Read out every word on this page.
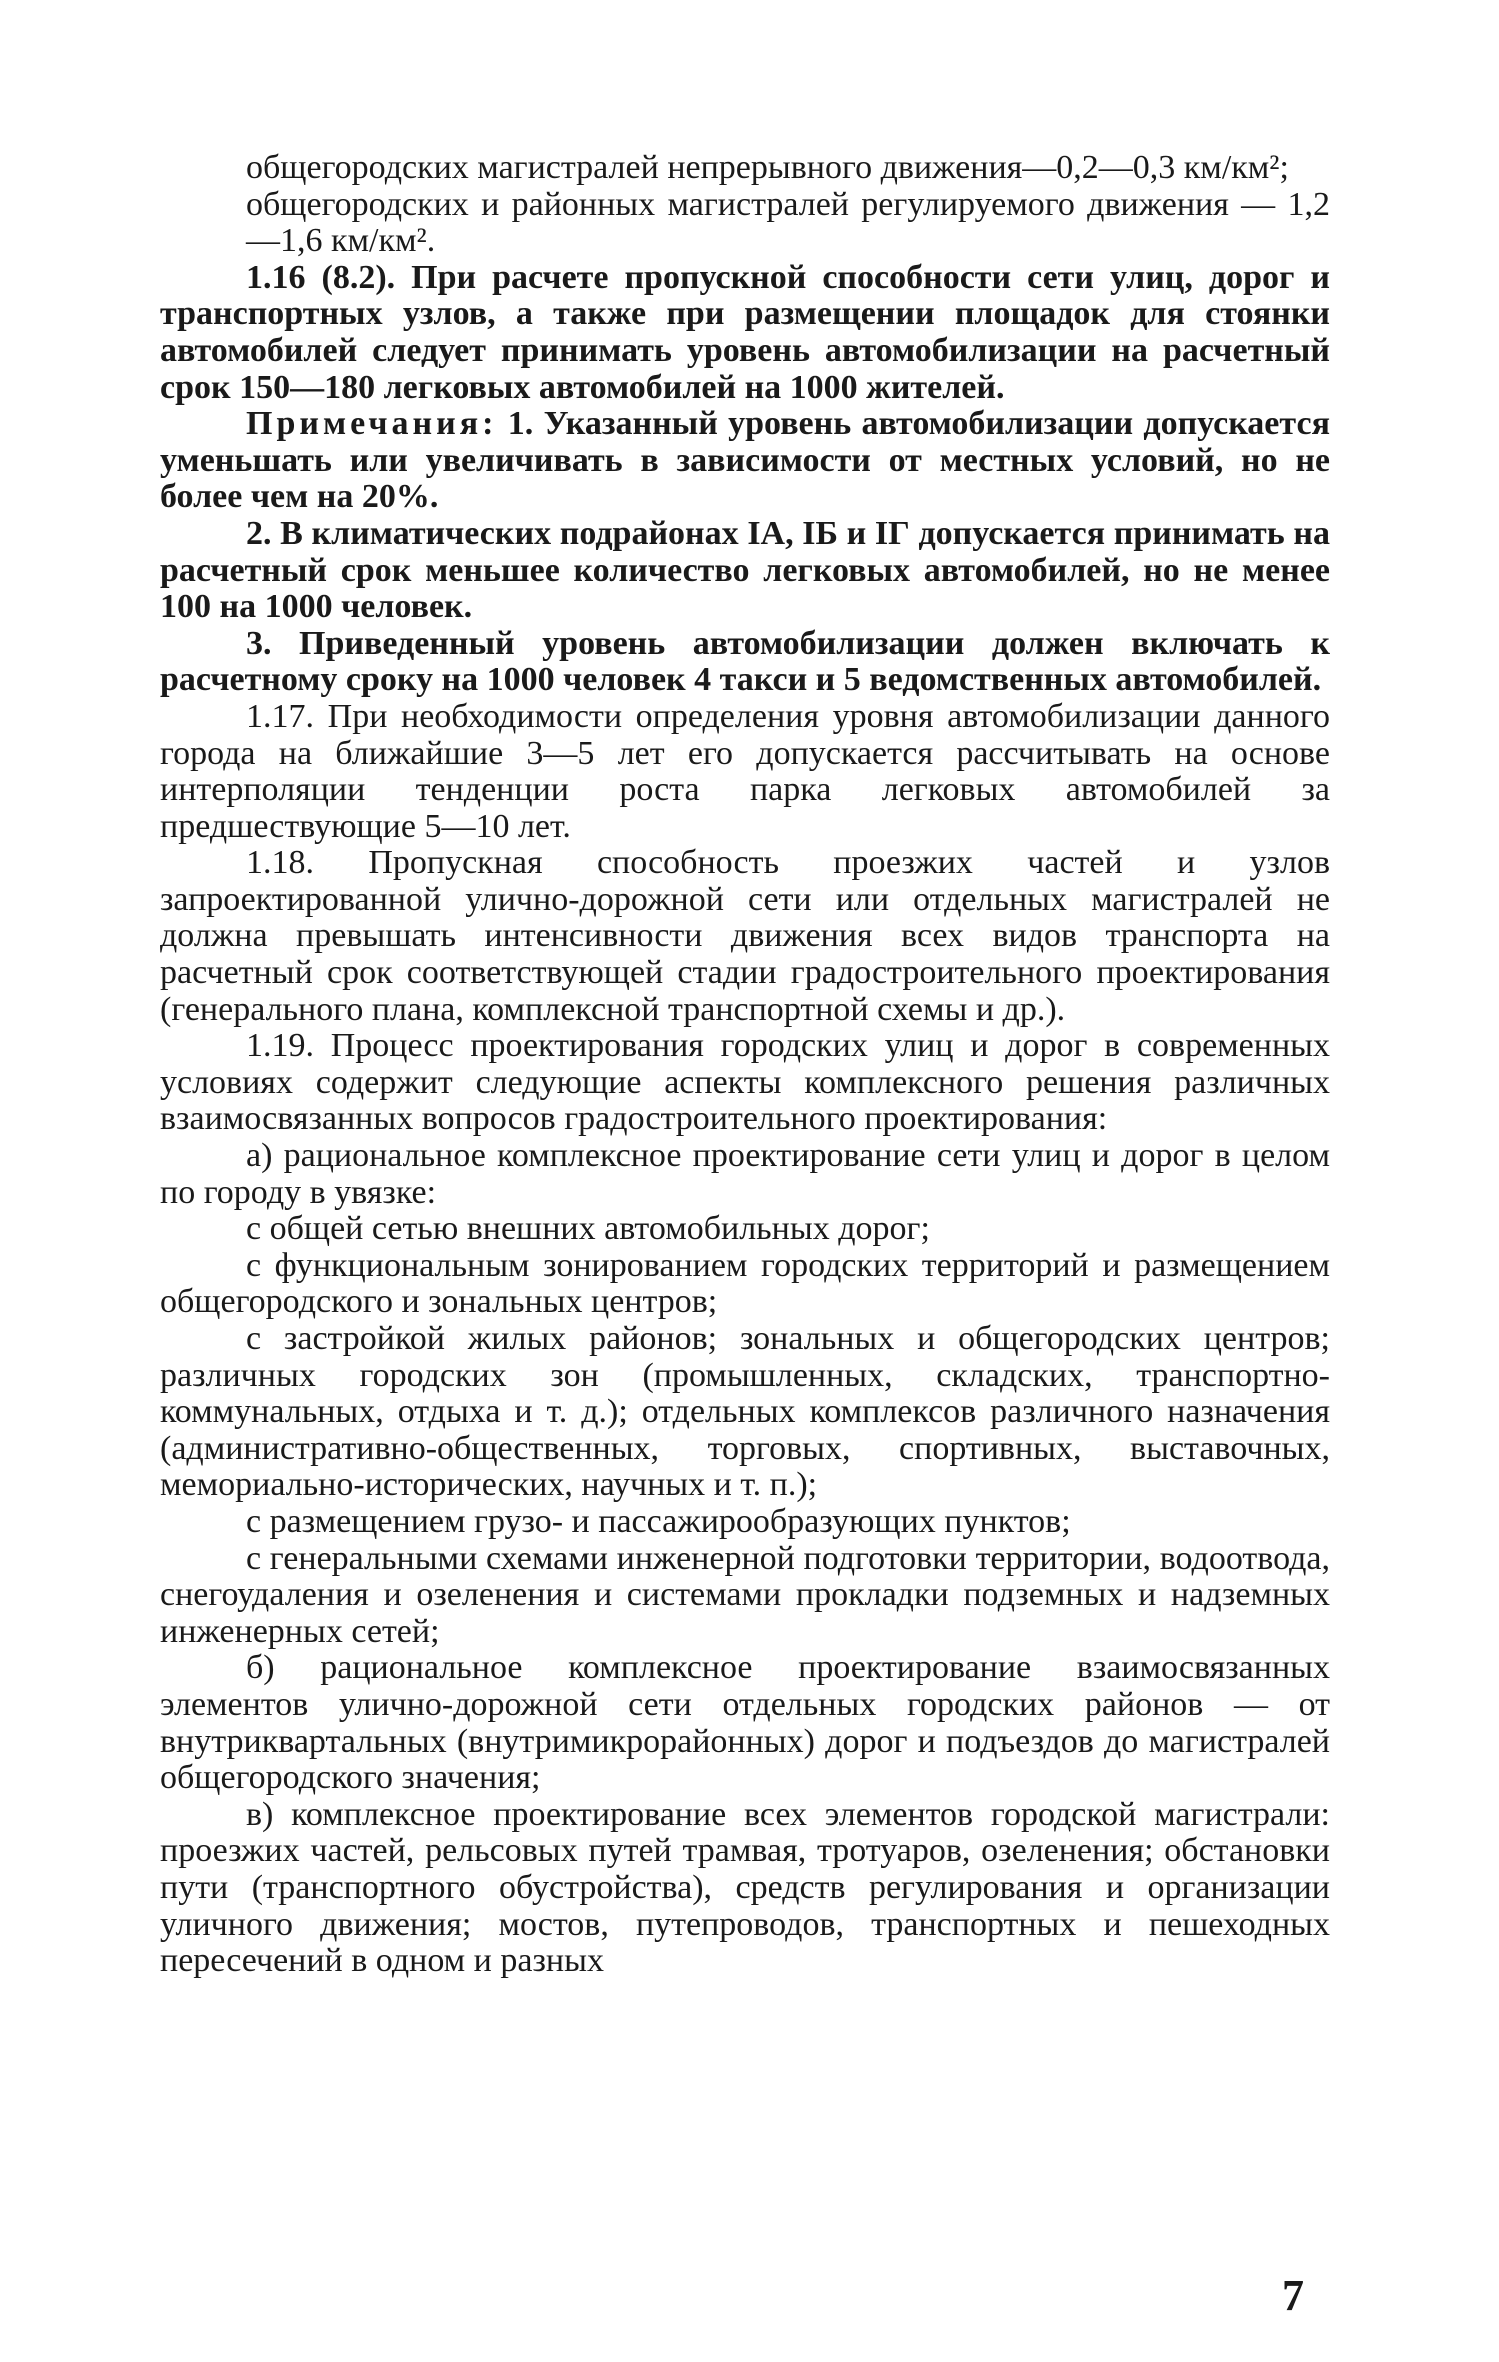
общегородских магистралей непрерывного движения—0,2—0,3 км/км²;

общегородских и районных магистралей регулируемого движения — 1,2—1,6 км/км².

1.16 (8.2). При расчете пропускной способности сети улиц, дорог и транспортных узлов, а также при размещении площадок для стоянки автомобилей следует принимать уровень автомобилизации на расчетный срок 150—180 легковых автомобилей на 1000 жителей.

Примечания: 1. Указанный уровень автомобилизации допускается уменьшать или увеличивать в зависимости от местных условий, но не более чем на 20%.

2. В климатических подрайонах IA, IБ и IГ допускается принимать на расчетный срок меньшее количество легковых автомобилей, но не менее 100 на 1000 человек.

3. Приведенный уровень автомобилизации должен включать к расчетному сроку на 1000 человек 4 такси и 5 ведомственных автомобилей.

1.17. При необходимости определения уровня автомобилизации данного города на ближайшие 3—5 лет его допускается рассчитывать на основе интерполяции тенденции роста парка легковых автомобилей за предшествующие 5—10 лет.

1.18. Пропускная способность проезжих частей и узлов запроектированной улично-дорожной сети или отдельных магистралей не должна превышать интенсивности движения всех видов транспорта на расчетный срок соответствующей стадии градостроительного проектирования (генерального плана, комплексной транспортной схемы и др.).

1.19. Процесс проектирования городских улиц и дорог в современных условиях содержит следующие аспекты комплексного решения различных взаимосвязанных вопросов градостроительного проектирования:

а) рациональное комплексное проектирование сети улиц и дорог в целом по городу в увязке:

с общей сетью внешних автомобильных дорог;

с функциональным зонированием городских территорий и размещением общегородского и зональных центров;

с застройкой жилых районов; зональных и общегородских центров; различных городских зон (промышленных, складских, транспортно-коммунальных, отдыха и т. д.); отдельных комплексов различного назначения (административно-общественных, торговых, спортивных, выставочных, мемориально-исторических, научных и т. п.);

с размещением грузо- и пассажирообразующих пунктов;

с генеральными схемами инженерной подготовки территории, водоотвода, снегоудаления и озеленения и системами прокладки подземных и надземных инженерных сетей;

б) рациональное комплексное проектирование взаимосвязанных элементов улично-дорожной сети отдельных городских районов — от внутриквартальных (внутримикрорайонных) дорог и подъездов до магистралей общегородского значения;

в) комплексное проектирование всех элементов городской магистрали: проезжих частей, рельсовых путей трамвая, тротуаров, озеленения; обстановки пути (транспортного обустройства), средств регулирования и организации уличного движения; мостов, путепроводов, транспортных и пешеходных пересечений в одном и разных

7
